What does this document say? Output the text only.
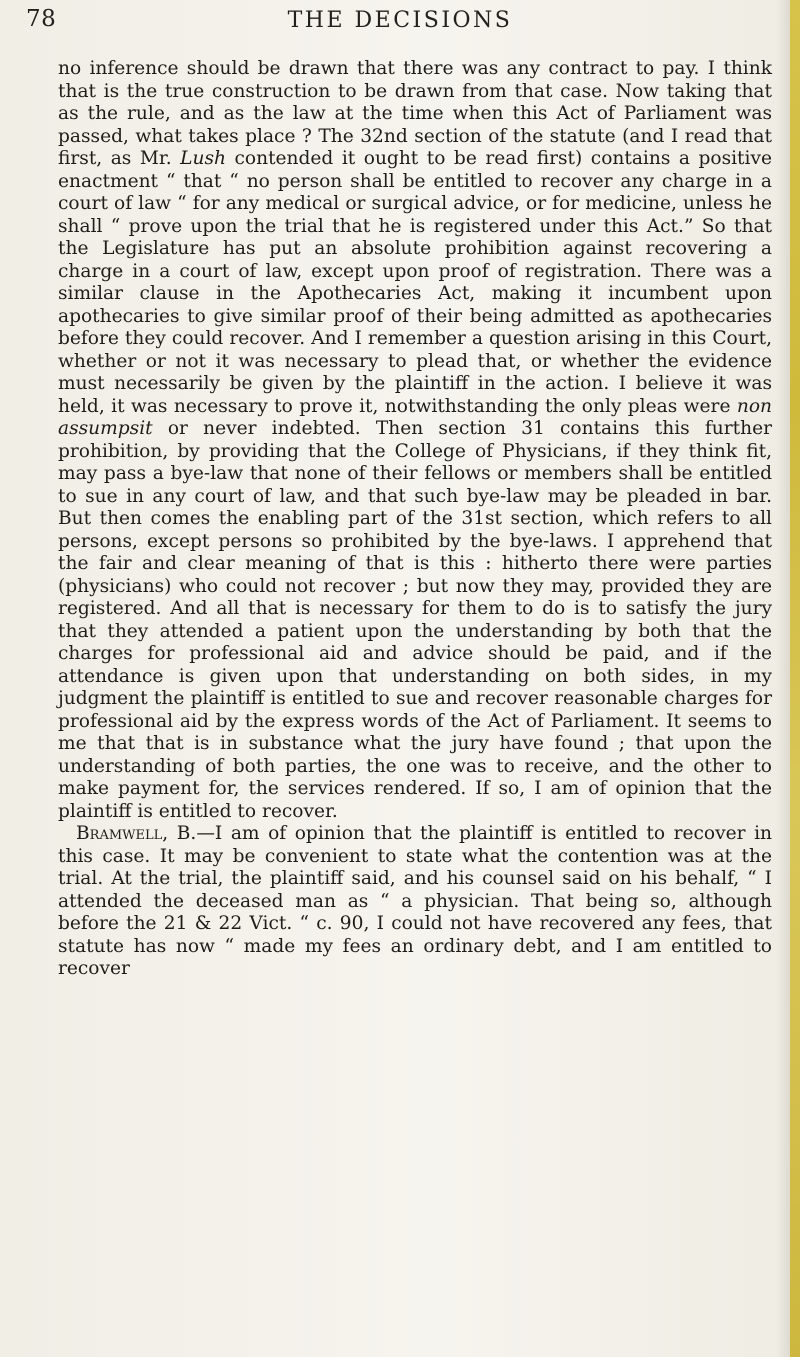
78	THE DECISIONS

no inference should be drawn that there was any contract to pay. I think that is the true construction to be drawn from that case. Now taking that as the rule, and as the law at the time when this Act of Parliament was passed, what takes place ? The 32nd section of the statute (and I read that first, as Mr. Lush contended it ought to be read first) contains a positive enactment “ that “ no person shall be entitled to recover any charge in a court of law “ for any medical or surgical advice, or for medicine, unless he shall “ prove upon the trial that he is registered under this Act.” So that the Legislature has put an absolute prohibition against recovering a charge in a court of law, except upon proof of registration. There was a similar clause in the Apothecaries Act, making it incumbent upon apothecaries to give similar proof of their being admitted as apothecaries before they could recover. And I remember a question arising in this Court, whether or not it was necessary to plead that, or whether the evidence must necessarily be given by the plaintiff in the action. I believe it was held, it was necessary to prove it, notwithstanding the only pleas were non assumpsit or never indebted. Then section 31 contains this further prohibition, by providing that the College of Physicians, if they think fit, may pass a bye-law that none of their fellows or members shall be entitled to sue in any court of law, and that such bye-law may be pleaded in bar. But then comes the enabling part of the 31st section, which refers to all persons, except persons so prohibited by the bye-laws. I apprehend that the fair and clear meaning of that is this : hitherto there were parties (physicians) who could not recover ; but now they may, provided they are registered. And all that is necessary for them to do is to satisfy the jury that they attended a patient upon the understanding by both that the charges for professional aid and advice should be paid, and if the attendance is given upon that understanding on both sides, in my judgment the plaintiff is entitled to sue and recover reasonable charges for professional aid by the express words of the Act of Parliament. It seems to me that that is in substance what the jury have found ; that upon the understanding of both parties, the one was to receive, and the other to make payment for, the services rendered. If so, I am of opinion that the plaintiff is entitled to recover.

Bramwell, B.—I am of opinion that the plaintiff is entitled to recover in this case. It may be convenient to state what the contention was at the trial. At the trial, the plaintiff said, and his counsel said on his behalf, “ I attended the deceased man as “ a physician. That being so, although before the 21 & 22 Vict. “ c. 90, I could not have recovered any fees, that statute has now “ made my fees an ordinary debt, and I am entitled to recover
